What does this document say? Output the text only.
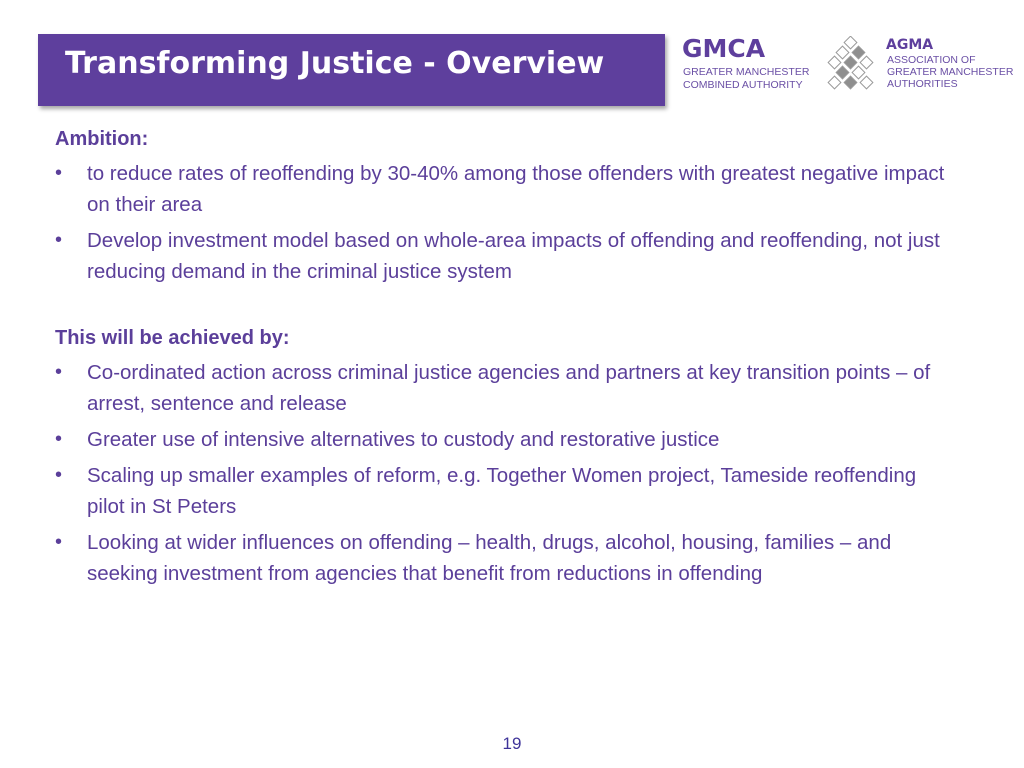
Transforming Justice - Overview	GMCA
GREATER MANCHESTER
COMBINED AUTHORITY
AGMA
ASSOCIATION OF
GREATER MANCHESTER
AUTHORITIES
Ambition:
• to reduce rates of reoffending by 30-40% among those offenders with greatest negative impact on their area
• Develop investment model based on whole-area impacts of offending and reoffending, not just reducing demand in the criminal justice system
This will be achieved by:
• Co-ordinated action across criminal justice agencies and partners at key transition points – of arrest, sentence and release
• Greater use of intensive alternatives to custody and restorative justice
• Scaling up smaller examples of reform, e.g. Together Women project, Tameside reoffending pilot in St Peters
• Looking at wider influences on offending – health, drugs, alcohol, housing, families – and seeking investment from agencies that benefit from reductions in offending
19
